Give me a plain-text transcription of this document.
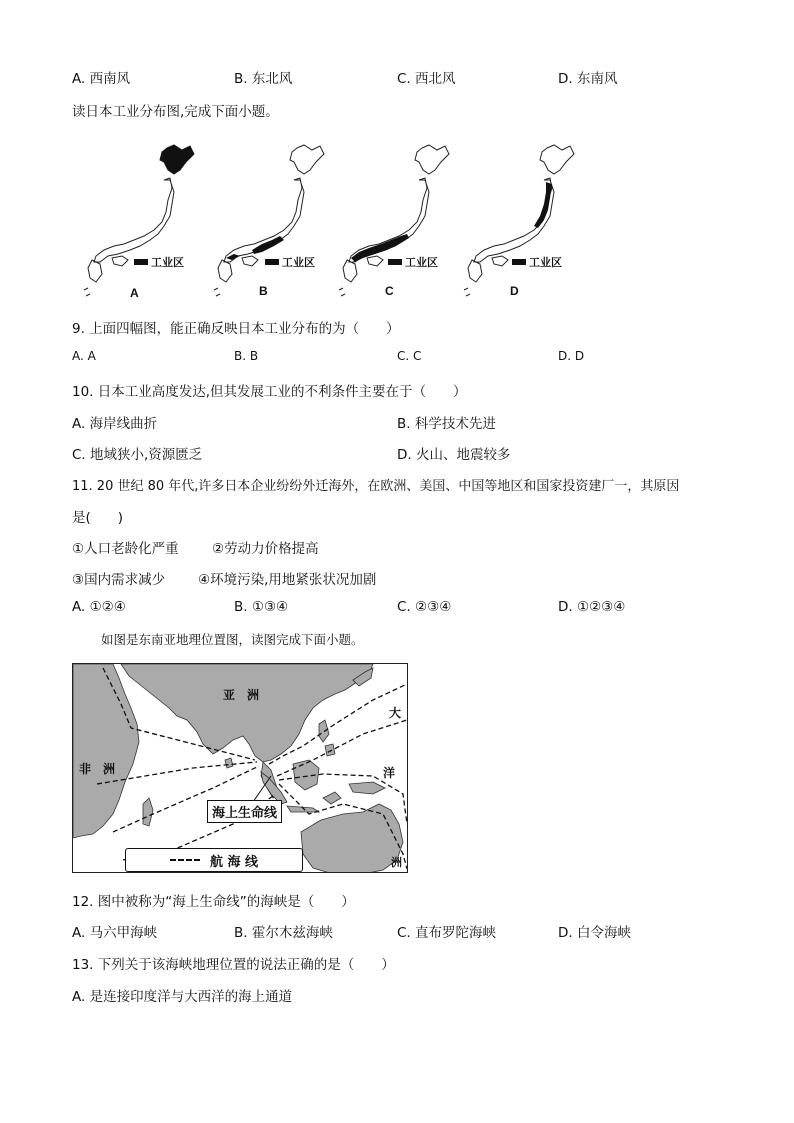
A. 西南风	B. 东北风	C. 西北风	D. 东南风
读日本工业分布图,完成下面小题。
工业区	工业区	工业区	工业区
A	B	C	D
9. 上面四幅图，能正确反映日本工业分布的为（　　）
A. A	B. B	C. C	D. D
10. 日本工业高度发达,但其发展工业的不利条件主要在于（　　）
A. 海岸线曲折	B. 科学技术先进
C. 地域狭小,资源匮乏	D. 火山、地震较多
11. 20 世纪 80 年代,许多日本企业纷纷外迁海外，在欧洲、美国、中国等地区和国家投资建厂一，其原因
是(　　)
①人口老龄化严重 ②劳动力价格提高
③国内需求减少 ④环境污染,用地紧张状况加剧
A. ①②④	B. ①③④	C. ②③④	D. ①②③④
如图是东南亚地理位置图，读图完成下面小题。
亚　洲
非　洲
大
洋
洲
海上生命线
航 海 线
12. 图中被称为“海上生命线”的海峡是（　　）
A. 马六甲海峡	B. 霍尔木兹海峡	C. 直布罗陀海峡	D. 白令海峡
13. 下列关于该海峡地理位置的说法正确的是（　　）
A. 是连接印度洋与大西洋的海上通道
